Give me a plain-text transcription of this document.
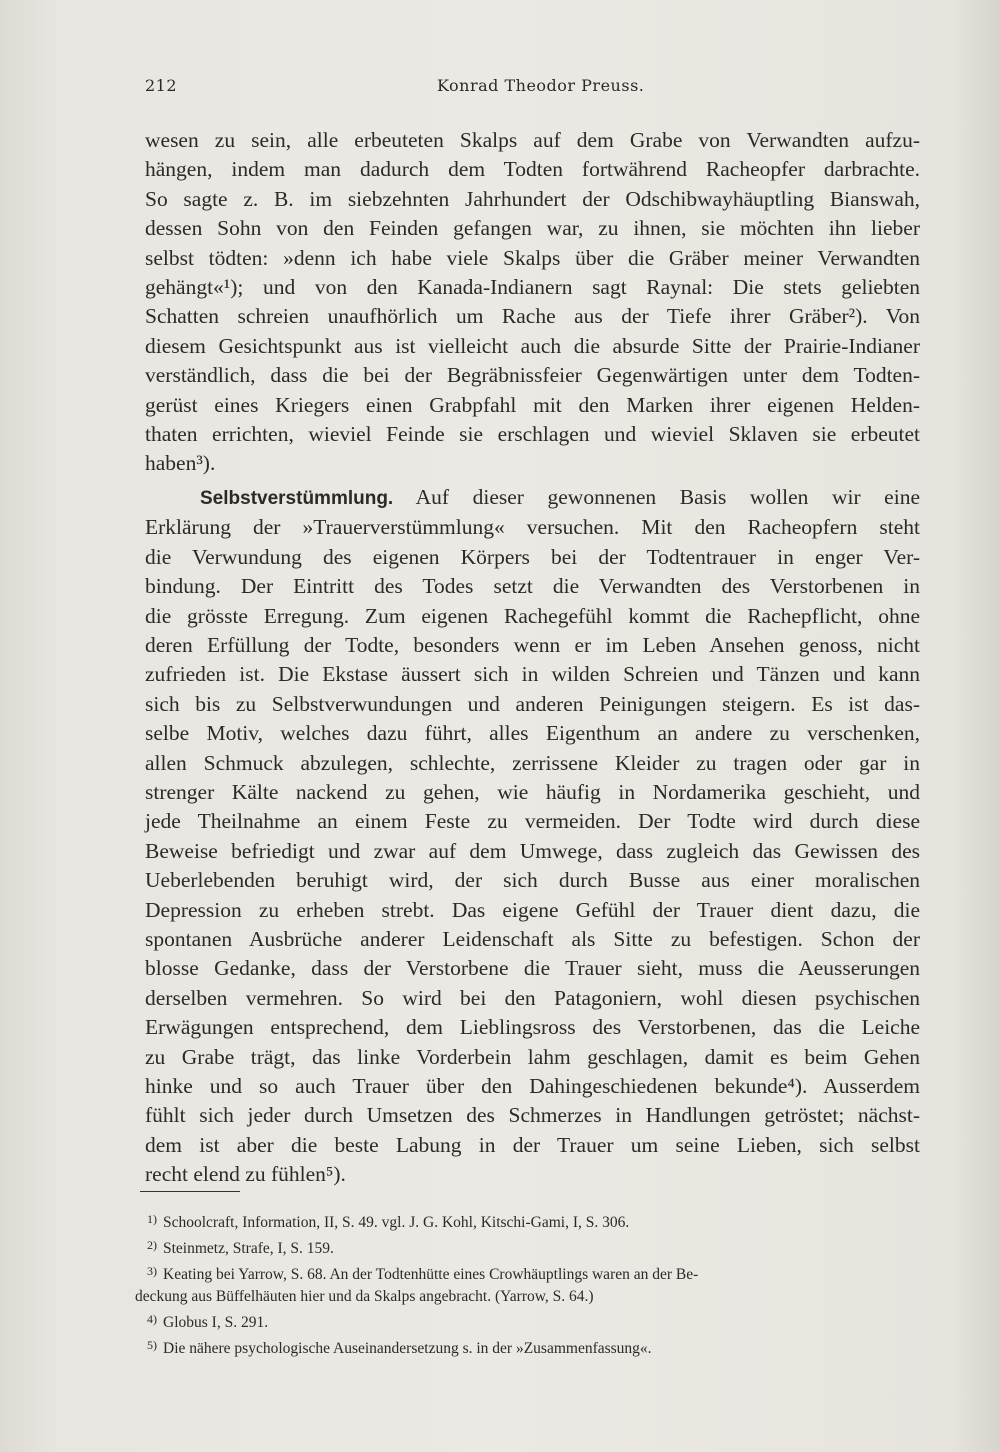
212	Konrad Theodor Preuss.
wesen zu sein, alle erbeuteten Skalps auf dem Grabe von Verwandten aufzu-
hängen, indem man dadurch dem Todten fortwährend Racheopfer darbrachte.
So sagte z. B. im siebzehnten Jahrhundert der Odschibwayhäuptling Bianswah,
dessen Sohn von den Feinden gefangen war, zu ihnen, sie möchten ihn lieber
selbst tödten: »denn ich habe viele Skalps über die Gräber meiner Verwandten
gehängt«¹); und von den Kanada-Indianern sagt Raynal: Die stets geliebten
Schatten schreien unaufhörlich um Rache aus der Tiefe ihrer Gräber²). Von
diesem Gesichtspunkt aus ist vielleicht auch die absurde Sitte der Prairie-Indianer
verständlich, dass die bei der Begräbnissfeier Gegenwärtigen unter dem Todten-
gerüst eines Kriegers einen Grabpfahl mit den Marken ihrer eigenen Helden-
thaten errichten, wieviel Feinde sie erschlagen und wieviel Sklaven sie erbeutet
haben³).
Selbstverstümmlung. Auf dieser gewonnenen Basis wollen wir eine
Erklärung der »Trauerverstümmlung« versuchen. Mit den Racheopfern steht
die Verwundung des eigenen Körpers bei der Todtentrauer in enger Ver-
bindung. Der Eintritt des Todes setzt die Verwandten des Verstorbenen in
die grösste Erregung. Zum eigenen Rachegefühl kommt die Rachepflicht, ohne
deren Erfüllung der Todte, besonders wenn er im Leben Ansehen genoss, nicht
zufrieden ist. Die Ekstase äussert sich in wilden Schreien und Tänzen und kann
sich bis zu Selbstverwundungen und anderen Peinigungen steigern. Es ist das-
selbe Motiv, welches dazu führt, alles Eigenthum an andere zu verschenken,
allen Schmuck abzulegen, schlechte, zerrissene Kleider zu tragen oder gar in
strenger Kälte nackend zu gehen, wie häufig in Nordamerika geschieht, und
jede Theilnahme an einem Feste zu vermeiden. Der Todte wird durch diese
Beweise befriedigt und zwar auf dem Umwege, dass zugleich das Gewissen des
Ueberlebenden beruhigt wird, der sich durch Busse aus einer moralischen
Depression zu erheben strebt. Das eigene Gefühl der Trauer dient dazu, die
spontanen Ausbrüche anderer Leidenschaft als Sitte zu befestigen. Schon der
blosse Gedanke, dass der Verstorbene die Trauer sieht, muss die Aeusserungen
derselben vermehren. So wird bei den Patagoniern, wohl diesen psychischen
Erwägungen entsprechend, dem Lieblingsross des Verstorbenen, das die Leiche
zu Grabe trägt, das linke Vorderbein lahm geschlagen, damit es beim Gehen
hinke und so auch Trauer über den Dahingeschiedenen bekunde⁴). Ausserdem
fühlt sich jeder durch Umsetzen des Schmerzes in Handlungen getröstet; nächst-
dem ist aber die beste Labung in der Trauer um seine Lieben, sich selbst
recht elend zu fühlen⁵).
1) Schoolcraft, Information, II, S. 49. vgl. J. G. Kohl, Kitschi-Gami, I, S. 306.
2) Steinmetz, Strafe, I, S. 159.
3) Keating bei Yarrow, S. 68. An der Todtenhütte eines Crowhäuptlings waren an der Be-
deckung aus Büffelhäuten hier und da Skalps angebracht. (Yarrow, S. 64.)
4) Globus I, S. 291.
5) Die nähere psychologische Auseinandersetzung s. in der »Zusammenfassung«.
